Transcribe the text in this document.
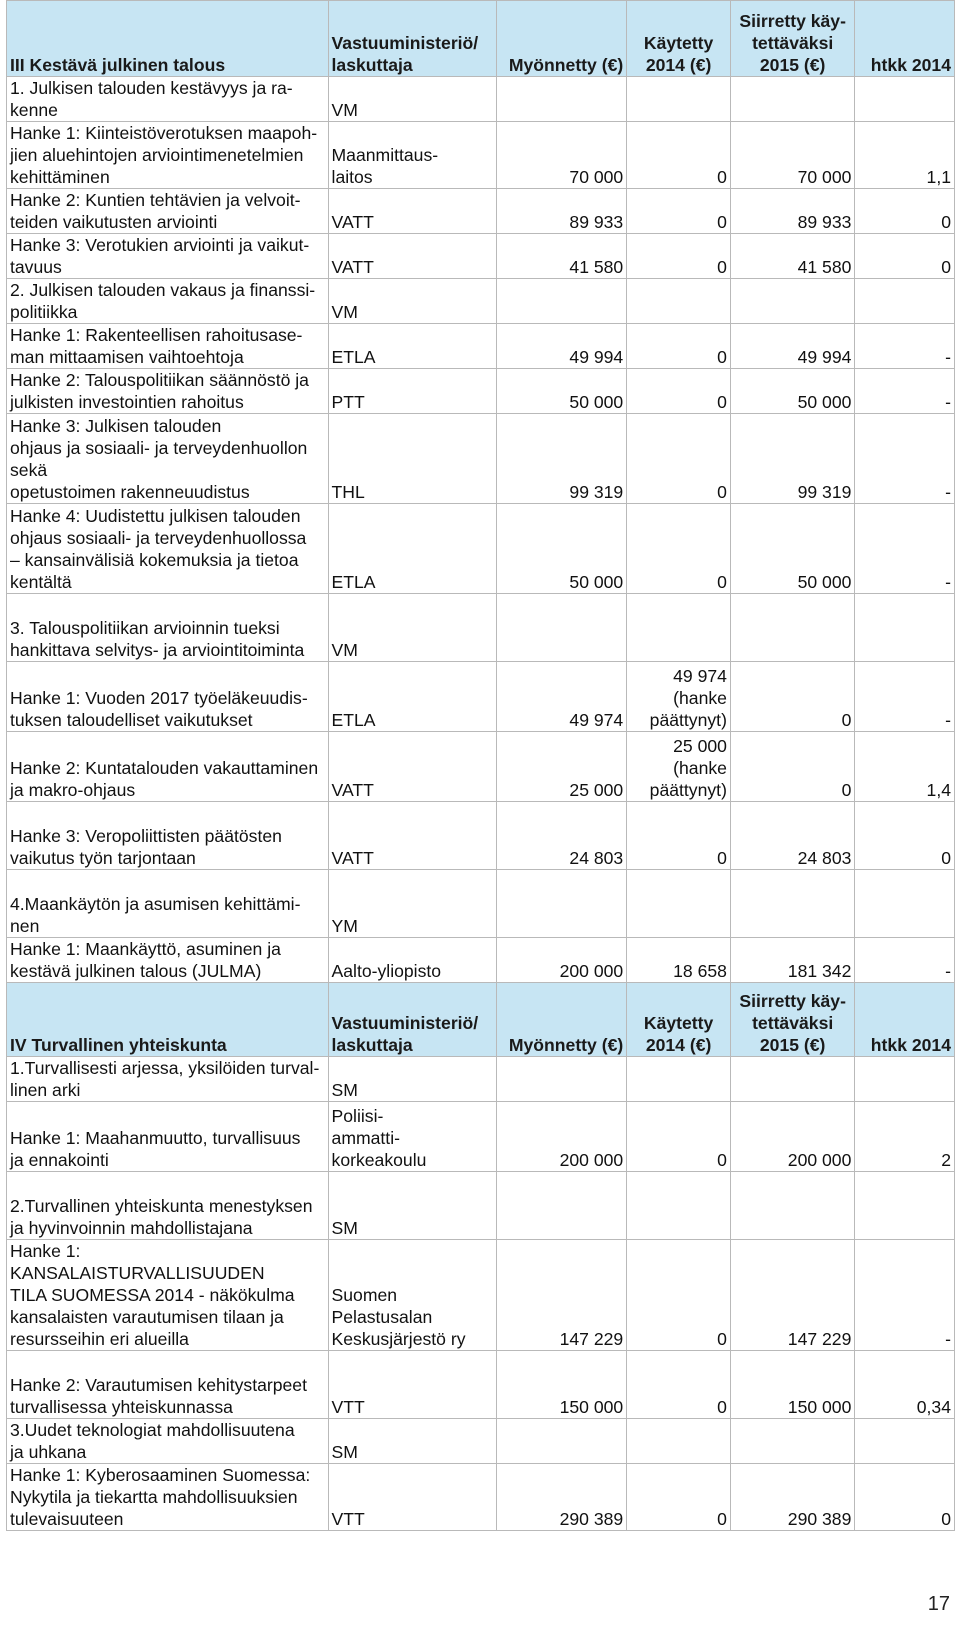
III Kestävä julkinen talous	Vastuuministeriö/
laskuttaja	Myönnetty (€)	Käytetty
2014 (€)	Siirretty käy-
tettäväksi
2015 (€)	htkk 2014
1. Julkisen talouden kestävyys ja ra-
kenne	VM				
Hanke 1: Kiinteistöverotuksen maapoh-
jien aluehintojen arviointimenetelmien
kehittäminen	Maanmittaus-
laitos	70 000	0	70 000	1,1
Hanke 2: Kuntien tehtävien ja velvoit-
teiden vaikutusten arviointi	VATT	89 933	0	89 933	0
Hanke 3: Verotukien arviointi ja vaikut-
tavuus	VATT	41 580	0	41 580	0
2. Julkisen talouden vakaus ja finanssi-
politiikka	VM				
Hanke 1: Rakenteellisen rahoitusase-
man mittaamisen vaihtoehtoja	ETLA	49 994	0	49 994	-
Hanke 2: Talouspolitiikan säännöstö ja
julkisten investointien rahoitus	PTT	50 000	0	50 000	-
Hanke 3: Julkisen talouden
ohjaus ja sosiaali- ja terveydenhuollon
sekä
opetustoimen rakenneuudistus	THL	99 319	0	99 319	-
Hanke 4: Uudistettu julkisen talouden
ohjaus sosiaali- ja terveydenhuollossa
– kansainvälisiä kokemuksia ja tietoa
kentältä	ETLA	50 000	0	50 000	-
3. Talouspolitiikan arvioinnin tueksi
hankittava selvitys- ja arviointitoiminta	VM				
Hanke 1: Vuoden 2017 työeläkeuudis-
tuksen taloudelliset vaikutukset	ETLA	49 974	49 974
(hanke
päättynyt)	0	-
Hanke 2: Kuntatalouden vakauttaminen
ja makro-ohjaus	VATT	25 000	25 000
(hanke
päättynyt)	0	1,4
Hanke 3: Veropoliittisten päätösten
vaikutus työn tarjontaan	VATT	24 803	0	24 803	0
4.Maankäytön ja asumisen kehittämi-
nen	YM				
Hanke 1: Maankäyttö, asuminen ja
kestävä julkinen talous (JULMA)	Aalto-yliopisto	200 000	18 658	181 342	-
IV Turvallinen yhteiskunta	Vastuuministeriö/
laskuttaja	Myönnetty (€)	Käytetty
2014 (€)	Siirretty käy-
tettäväksi
2015 (€)	htkk 2014
1.Turvallisesti arjessa, yksilöiden turval-
linen arki	SM				
Hanke 1: Maahanmuutto, turvallisuus
ja ennakointi	Poliisi-
ammatti-
korkeakoulu	200 000	0	200 000	2
2.Turvallinen yhteiskunta menestyksen
ja hyvinvoinnin mahdollistajana	SM				
Hanke 1: KANSALAISTURVALLISUUDEN
TILA SUOMESSA 2014 - näkökulma
kansalaisten varautumisen tilaan ja
resursseihin eri alueilla	Suomen
Pelastusalan
Keskusjärjestö ry	147 229	0	147 229	-
Hanke 2: Varautumisen kehitystarpeet
turvallisessa yhteiskunnassa	VTT	150 000	0	150 000	0,34
3.Uudet teknologiat mahdollisuutena
ja uhkana	SM				
Hanke 1: Kyberosaaminen Suomessa:
Nykytila ja tiekartta mahdollisuuksien
tulevaisuuteen	VTT	290 389	0	290 389	0
17
